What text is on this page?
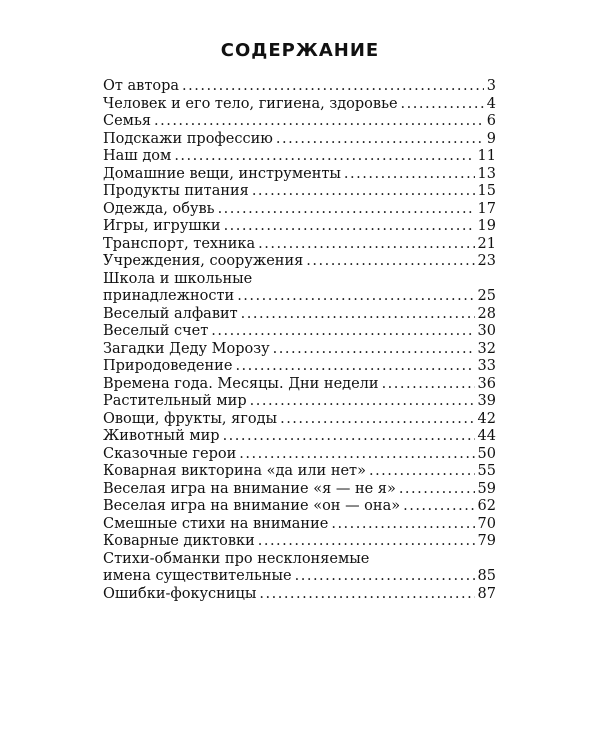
СОДЕРЖАНИЕ
От автора .....	3
Человек и его тело, гигиена, здоровье .....	4
Семья .....	6
Подскажи профессию .....	9
Наш дом .....	11
Домашние вещи, инструменты .....	13
Продукты питания .....	15
Одежда, обувь .....	17
Игры, игрушки .....	19
Транспорт, техника .....	21
Учреждения, сооружения .....	23
Школа и школьные
принадлежности .....	25
Веселый алфавит .....	28
Веселый счет .....	30
Загадки Деду Морозу .....	32
Природоведение .....	33
Времена года. Месяцы. Дни недели .....	36
Растительный мир .....	39
Овощи, фрукты, ягоды .....	42
Животный мир .....	44
Сказочные герои .....	50
Коварная викторина «да или нет» .....	55
Веселая игра на внимание «я — не я» .....	59
Веселая игра на внимание «он — она» .....	62
Смешные стихи на внимание .....	70
Коварные диктовки .....	79
Стихи-обманки про несклоняемые
имена существительные .....	85
Ошибки-фокусницы .....	87
